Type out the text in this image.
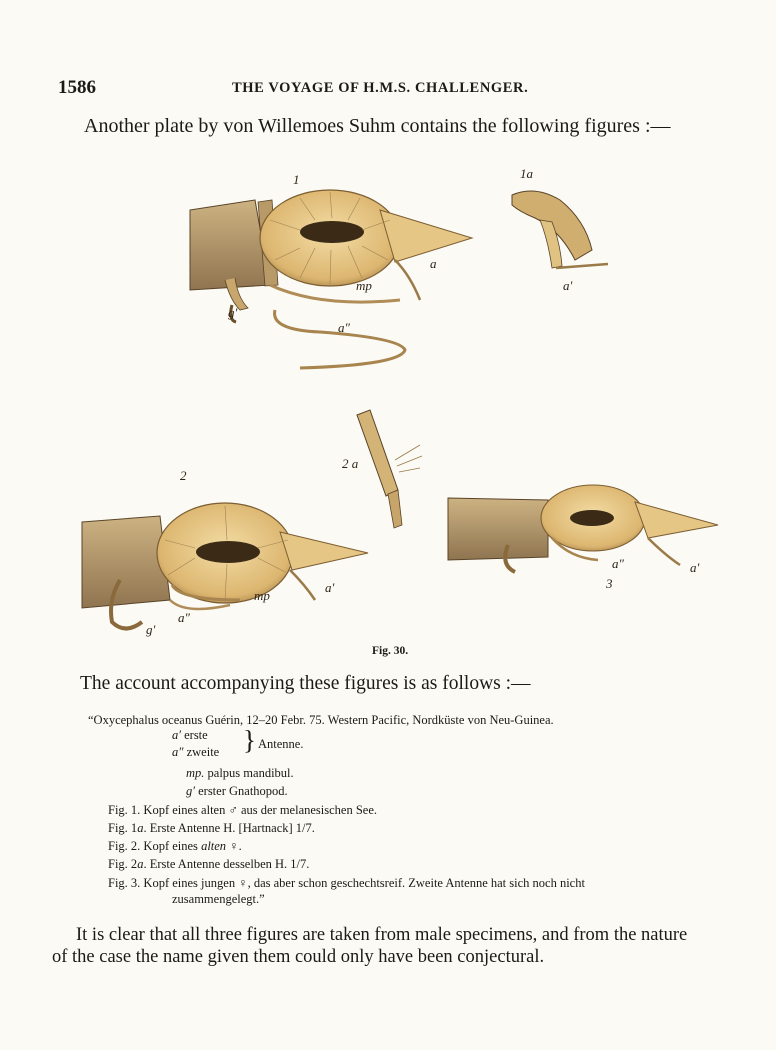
1586	THE VOYAGE OF H.M.S. CHALLENGER.
Another plate by von Willemoes Suhm contains the following figures :—
1	1a
a
mp
a″
g′
a′
2
2 a
mp
a′
g′
a″
a″	a′
3
Fig. 30.
The account accompanying these figures is as follows :—
“Oxycephalus oceanus Guérin, 12–20 Febr. 75. Western Pacific, Nordküste von Neu-Guinea.
a′ erste
a″ zweite } Antenne.
mp. palpus mandibul.
g′ erster Gnathopod.
Fig. 1. Kopf eines alten ♂ aus der melanesischen See.
Fig. 1a. Erste Antenne H. [Hartnack] 1/7.
Fig. 2. Kopf eines alten ♀.
Fig. 2a. Erste Antenne desselben H. 1/7.
Fig. 3. Kopf eines jungen ♀, das aber schon geschechtsreif. Zweite Antenne hat sich noch nicht
zusammengelegt.”
It is clear that all three figures are taken from male specimens, and from the nature
of the case the name given them could only have been conjectural.
